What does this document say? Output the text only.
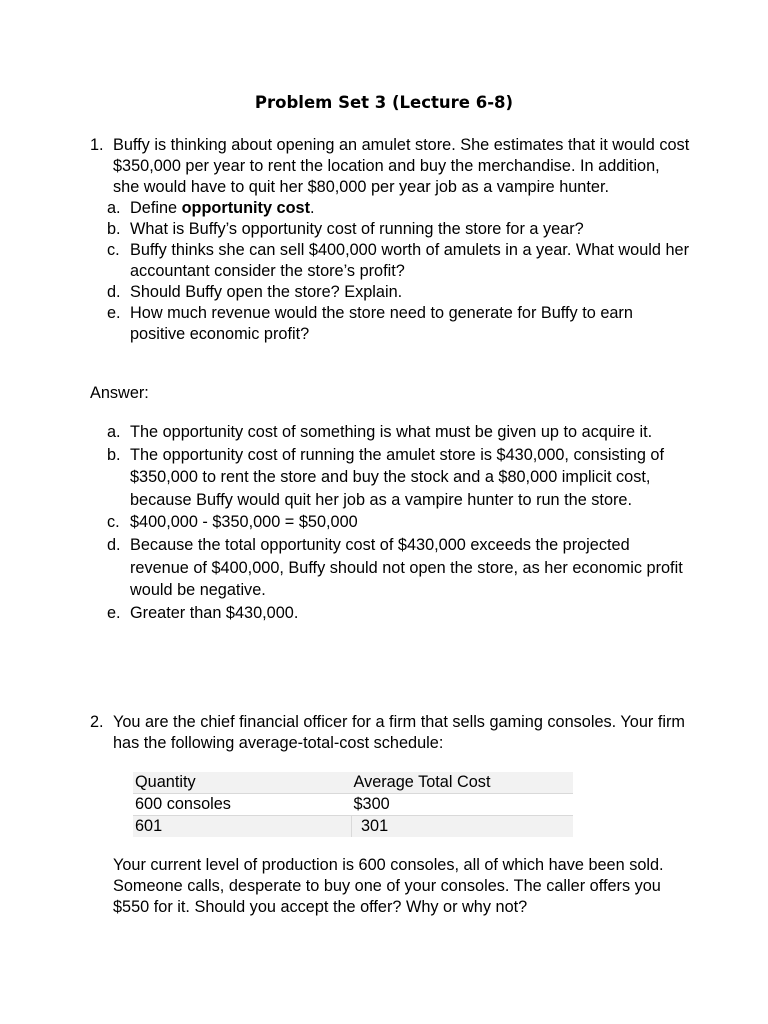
Problem Set 3 (Lecture 6-8)
1. Buffy is thinking about opening an amulet store. She estimates that it would cost $350,000 per year to rent the location and buy the merchandise. In addition, she would have to quit her $80,000 per year job as a vampire hunter.
a. Define opportunity cost.
b. What is Buffy’s opportunity cost of running the store for a year?
c. Buffy thinks she can sell $400,000 worth of amulets in a year. What would her accountant consider the store’s profit?
d. Should Buffy open the store? Explain.
e. How much revenue would the store need to generate for Buffy to earn positive economic profit?
Answer:
a. The opportunity cost of something is what must be given up to acquire it.
b. The opportunity cost of running the amulet store is $430,000, consisting of $350,000 to rent the store and buy the stock and a $80,000 implicit cost, because Buffy would quit her job as a vampire hunter to run the store.
c. $400,000 - $350,000 = $50,000
d. Because the total opportunity cost of $430,000 exceeds the projected revenue of $400,000, Buffy should not open the store, as her economic profit would be negative.
e. Greater than $430,000.
2. You are the chief financial officer for a firm that sells gaming consoles. Your firm has the following average-total-cost schedule:
Quantity	Average Total Cost
600 consoles	$300
601	301
Your current level of production is 600 consoles, all of which have been sold. Someone calls, desperate to buy one of your consoles. The caller offers you $550 for it. Should you accept the offer? Why or why not?
